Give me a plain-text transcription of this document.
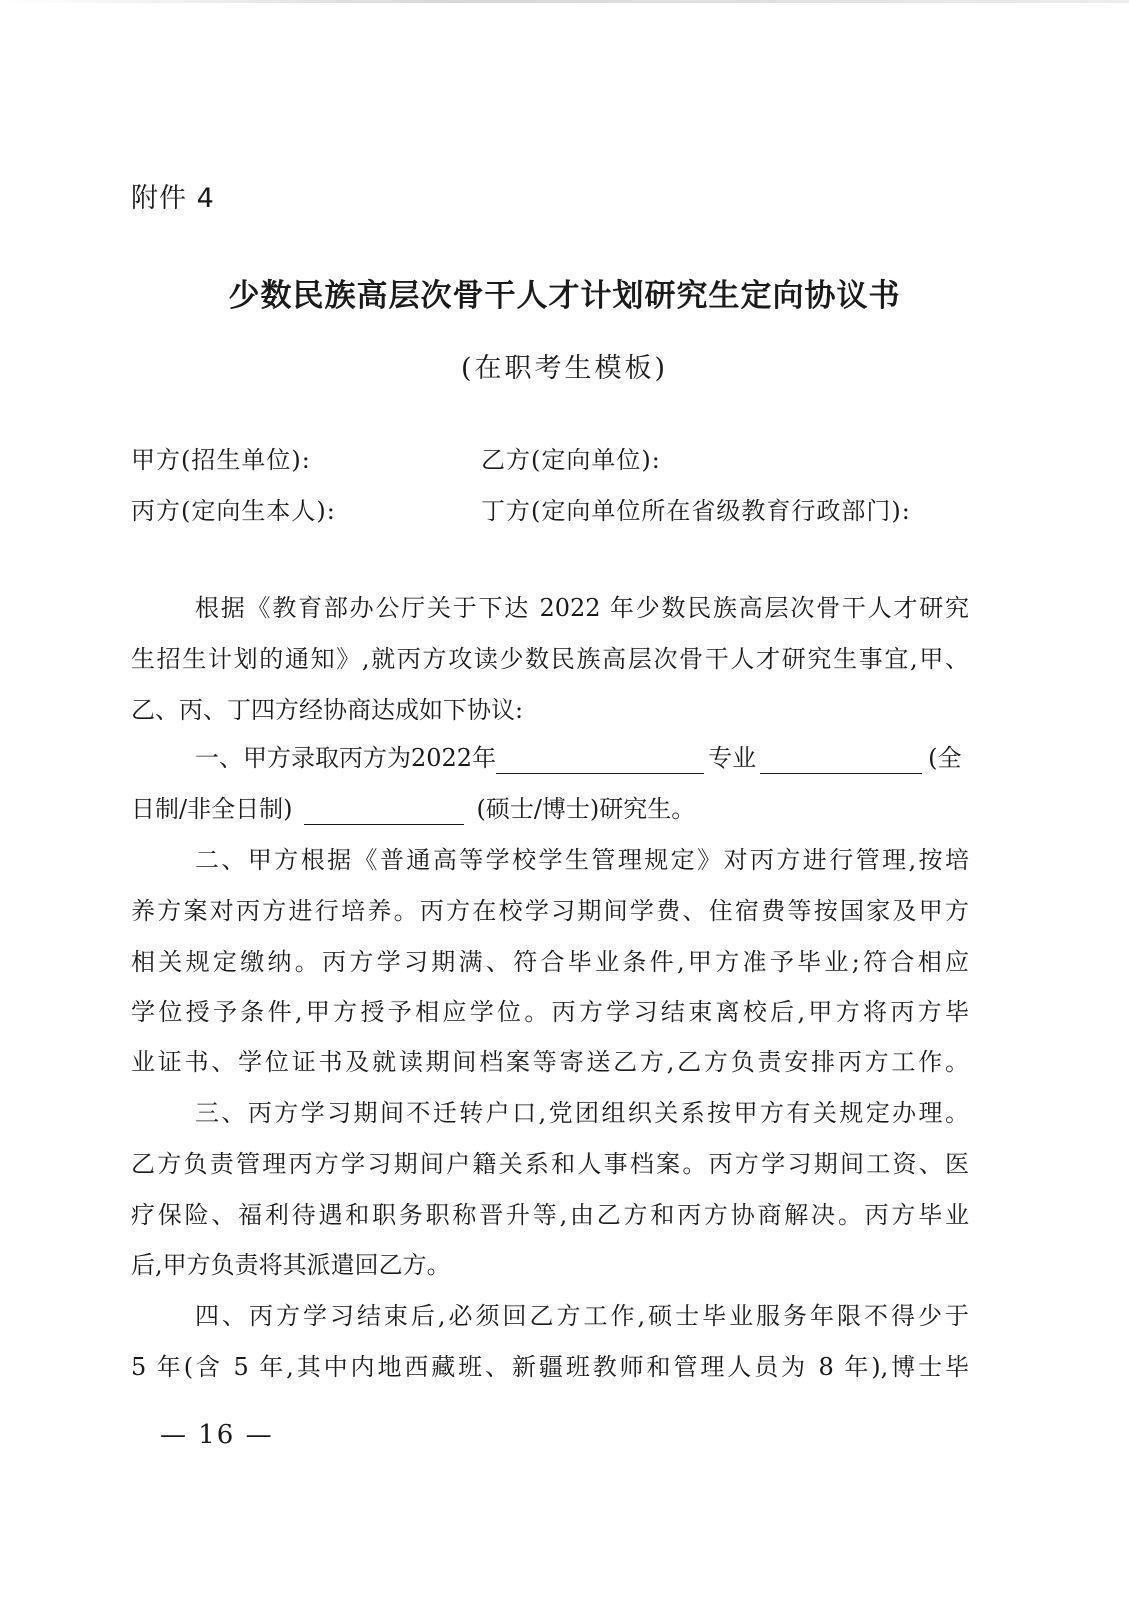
附件 4
少数民族高层次骨干人才计划研究生定向协议书
(在职考生模板)
甲方(招生单位):	乙方(定向单位):
丙方(定向生本人):	丁方(定向单位所在省级教育行政部门):
根据《教育部办公厅关于下达 2022 年少数民族高层次骨干人才研究
生招生计划的通知》,就丙方攻读少数民族高层次骨干人才研究生事宜,甲、
乙、丙、丁四方经协商达成如下协议:
一、甲方录取丙方为2022年	专业	(全
日制/非全日制)	(硕士/博士)研究生。
二、甲方根据《普通高等学校学生管理规定》对丙方进行管理,按培
养方案对丙方进行培养。丙方在校学习期间学费、住宿费等按国家及甲方
相关规定缴纳。丙方学习期满、符合毕业条件,甲方准予毕业;符合相应
学位授予条件,甲方授予相应学位。丙方学习结束离校后,甲方将丙方毕
业证书、学位证书及就读期间档案等寄送乙方,乙方负责安排丙方工作。
三、丙方学习期间不迁转户口,党团组织关系按甲方有关规定办理。
乙方负责管理丙方学习期间户籍关系和人事档案。丙方学习期间工资、医
疗保险、福利待遇和职务职称晋升等,由乙方和丙方协商解决。丙方毕业
后,甲方负责将其派遣回乙方。
四、丙方学习结束后,必须回乙方工作,硕士毕业服务年限不得少于
5 年(含 5 年,其中内地西藏班、新疆班教师和管理人员为 8 年),博士毕
— 16 —
